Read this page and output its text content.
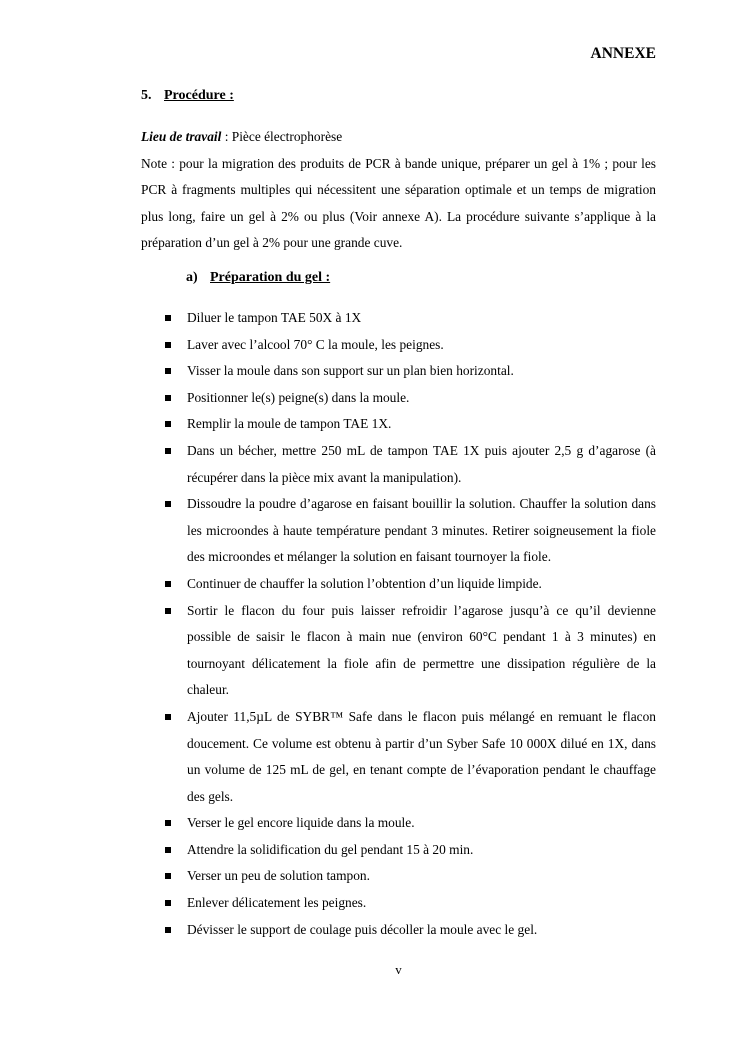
ANNEXE
5. Procédure :

Lieu de travail : Pièce électrophorèse

Note : pour la migration des produits de PCR à bande unique, préparer un gel à 1% ; pour les PCR à fragments multiples qui nécessitent une séparation optimale et un temps de migration plus long, faire un gel à 2% ou plus (Voir annexe A). La procédure suivante s’applique à la préparation d’un gel à 2% pour une grande cuve.

a) Préparation du gel :
Diluer le tampon TAE 50X à 1X
Laver avec l’alcool 70° C la moule, les peignes.
Visser la moule dans son support sur un plan bien horizontal.
Positionner le(s) peigne(s) dans la moule.
Remplir la moule de tampon TAE 1X.
Dans un bécher, mettre 250 mL de tampon TAE 1X puis ajouter 2,5 g d’agarose (à récupérer dans la pièce mix avant la manipulation).
Dissoudre la poudre d’agarose en faisant bouillir la solution. Chauffer la solution dans les microondes à haute température pendant 3 minutes. Retirer soigneusement la fiole des microondes et mélanger la solution en faisant tournoyer la fiole.
Continuer de chauffer la solution l’obtention d’un liquide limpide.
Sortir le flacon du four puis laisser refroidir l’agarose jusqu’à ce qu’il devienne possible de saisir le flacon à main nue (environ 60°C pendant 1 à 3 minutes) en tournoyant délicatement la fiole afin de permettre une dissipation régulière de la chaleur.
Ajouter 11,5µL de SYBR™ Safe dans le flacon puis mélangé en remuant le flacon doucement. Ce volume est obtenu à partir d’un Syber Safe 10 000X dilué en 1X, dans un volume de 125 mL de gel, en tenant compte de l’évaporation pendant le chauffage des gels.
Verser le gel encore liquide dans la moule.
Attendre la solidification du gel pendant 15 à 20 min.
Verser un peu de solution tampon.
Enlever délicatement les peignes.
Dévisser le support de coulage puis décoller la moule avec le gel.
v
